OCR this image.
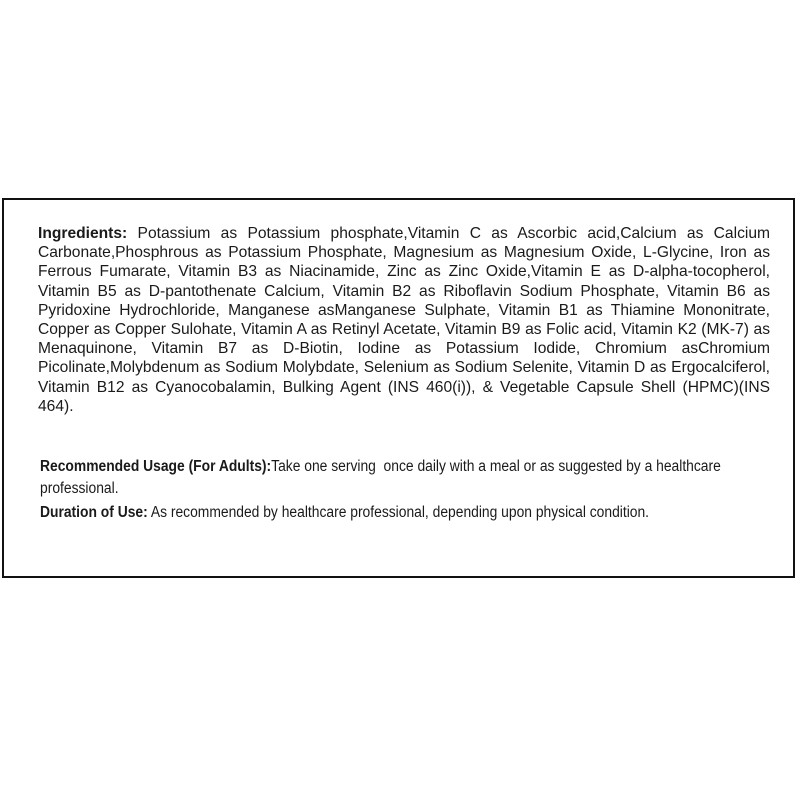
Ingredients: Potassium as Potassium phosphate,Vitamin C as Ascorbic acid,Calcium as Calcium Carbonate,Phosphrous as Potassium Phosphate, Magnesium as Magnesium Oxide, L-Glycine, Iron as Ferrous Fumarate, Vitamin B3 as Niacinamide, Zinc as Zinc Oxide,Vitamin E as D-alpha-tocopherol, Vitamin B5 as D-pantothenate Calcium, Vitamin B2 as Riboflavin Sodium Phosphate, Vitamin B6 as Pyridoxine Hydrochloride, Manganese asManganese Sulphate, Vitamin B1 as Thiamine Mononitrate, Copper as Copper Sulohate, Vitamin A as Retinyl Acetate, Vitamin B9 as Folic acid, Vitamin K2 (MK-7) as Menaquinone, Vitamin B7 as D-Biotin, Iodine as Potassium Iodide, Chromium asChromium Picolinate,Molybdenum as Sodium Molybdate, Selenium as Sodium Selenite, Vitamin D as Ergocalciferol, Vitamin B12 as Cyanocobalamin, Bulking Agent (INS 460(i)), & Vegetable Capsule Shell (HPMC)(INS 464).

Recommended Usage (For Adults):Take one serving  once daily with a meal or as suggested by a healthcare professional.

Duration of Use: As recommended by healthcare professional, depending upon physical condition.
